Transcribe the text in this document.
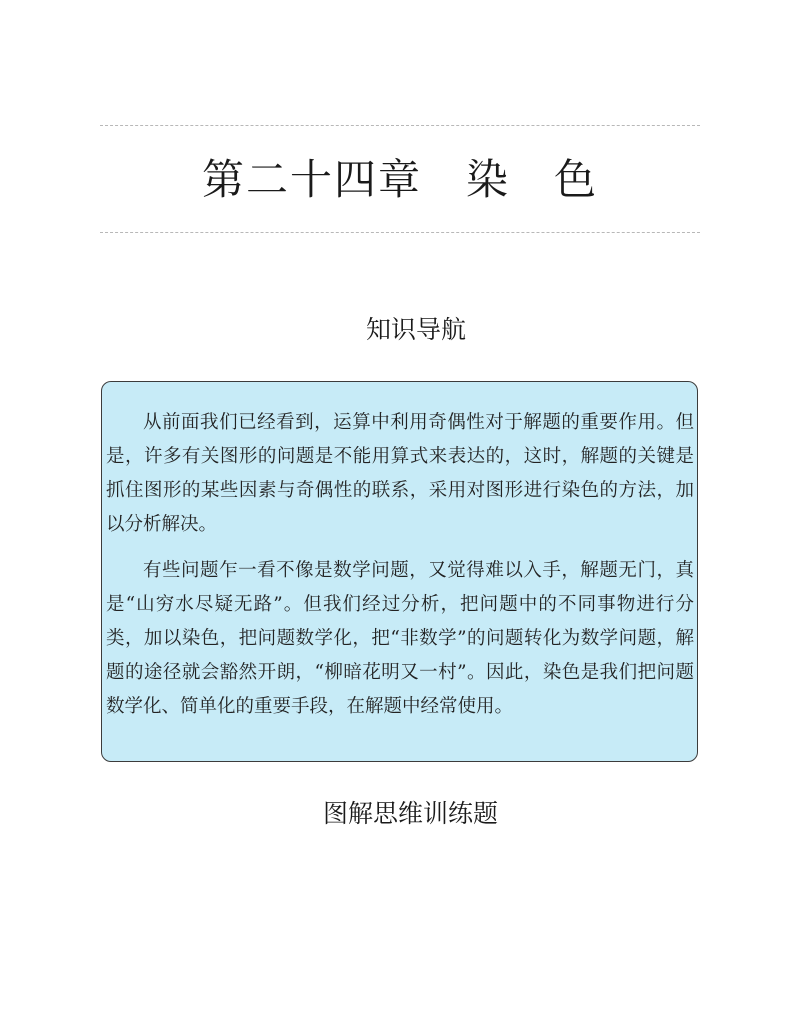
第二十四章　染　色
知识导航

从前面我们已经看到，运算中利用奇偶性对于解题的重要作用。但是，许多有关图形的问题是不能用算式来表达的，这时，解题的关键是抓住图形的某些因素与奇偶性的联系，采用对图形进行染色的方法，加以分析解决。

有些问题乍一看不像是数学问题，又觉得难以入手，解题无门，真是“山穷水尽疑无路”。但我们经过分析，把问题中的不同事物进行分类，加以染色，把问题数学化，把“非数学”的问题转化为数学问题，解题的途径就会豁然开朗，“柳暗花明又一村”。因此，染色是我们把问题数学化、简单化的重要手段，在解题中经常使用。

图解思维训练题
